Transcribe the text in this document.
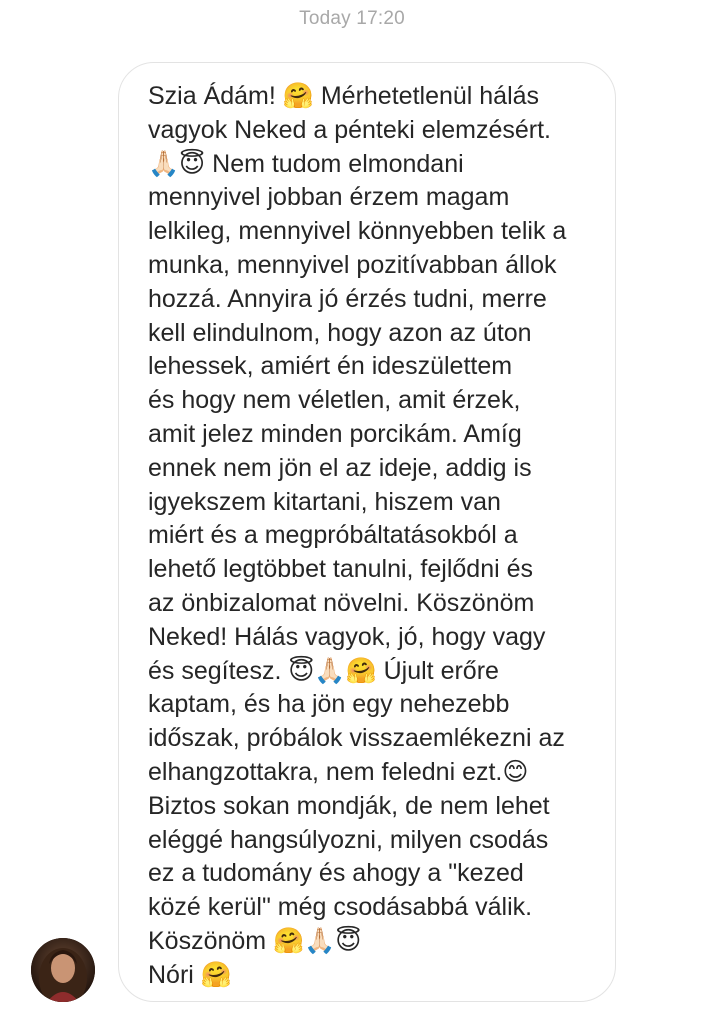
Today 17:20
Szia Ádám! 🤗 Mérhetetlenül hálás
vagyok Neked a pénteki elemzésért.
🙏🏻😇 Nem tudom elmondani
mennyivel jobban érzem magam
lelkileg, mennyivel könnyebben telik a
munka, mennyivel pozitívabban állok
hozzá. Annyira jó érzés tudni, merre
kell elindulnom, hogy azon az úton
lehessek, amiért én ideszülettem
és hogy nem véletlen, amit érzek,
amit jelez minden porcikám. Amíg
ennek nem jön el az ideje, addig is
igyekszem kitartani, hiszem van
miért és a megpróbáltatásokból a
lehető legtöbbet tanulni, fejlődni és
az önbizalomat növelni. Köszönöm
Neked! Hálás vagyok, jó, hogy vagy
és segítesz. 😇🙏🏻🤗 Újult erőre
kaptam, és ha jön egy nehezebb
időszak, próbálok visszaemlékezni az
elhangzottakra, nem feledni ezt.😊
Biztos sokan mondják, de nem lehet
eléggé hangsúlyozni, milyen csodás
ez a tudomány és ahogy a "kezed
közé kerül" még csodásabbá válik.
Köszönöm 🤗🙏🏻😇
Nóri 🤗
